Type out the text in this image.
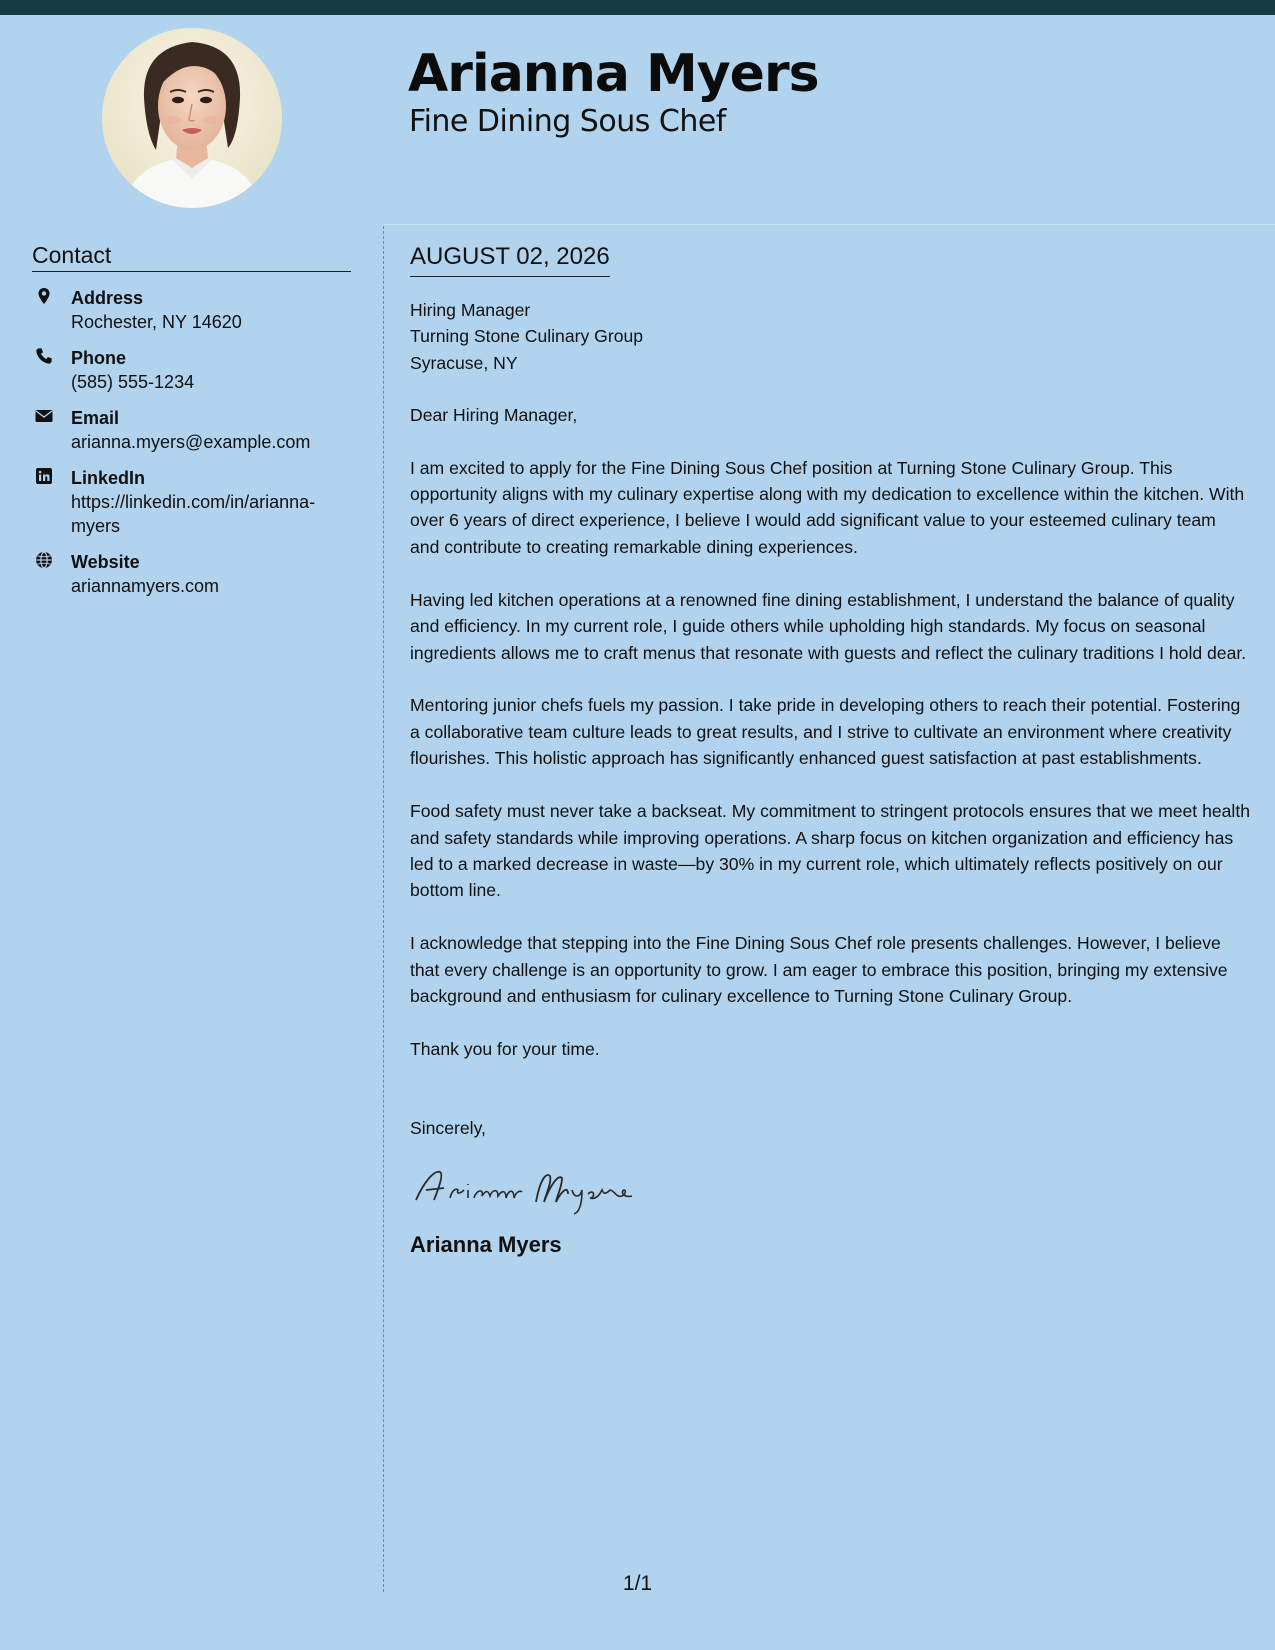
Arianna Myers
Fine Dining Sous Chef
Contact
Address
Rochester, NY 14620
Phone
(585) 555-1234
Email
arianna.myers@example.com
LinkedIn
https://linkedin.com/in/arianna-myers
Website
ariannamyers.com
AUGUST 02, 2026

Hiring Manager

Turning Stone Culinary Group

Syracuse, NY

Dear Hiring Manager,

I am excited to apply for the Fine Dining Sous Chef position at Turning Stone Culinary Group. This opportunity aligns with my culinary expertise along with my dedication to excellence within the kitchen. With over 6 years of direct experience, I believe I would add significant value to your esteemed culinary team and contribute to creating remarkable dining experiences.

Having led kitchen operations at a renowned fine dining establishment, I understand the balance of quality and efficiency. In my current role, I guide others while upholding high standards. My focus on seasonal ingredients allows me to craft menus that resonate with guests and reflect the culinary traditions I hold dear.

Mentoring junior chefs fuels my passion. I take pride in developing others to reach their potential. Fostering a collaborative team culture leads to great results, and I strive to cultivate an environment where creativity flourishes. This holistic approach has significantly enhanced guest satisfaction at past establishments.

Food safety must never take a backseat. My commitment to stringent protocols ensures that we meet health and safety standards while improving operations. A sharp focus on kitchen organization and efficiency has led to a marked decrease in waste—by 30% in my current role, which ultimately reflects positively on our bottom line.

I acknowledge that stepping into the Fine Dining Sous Chef role presents challenges. However, I believe that every challenge is an opportunity to grow. I am eager to embrace this position, bringing my extensive background and enthusiasm for culinary excellence to Turning Stone Culinary Group.

Thank you for your time.

Sincerely,

Arianna Myers
1/1
